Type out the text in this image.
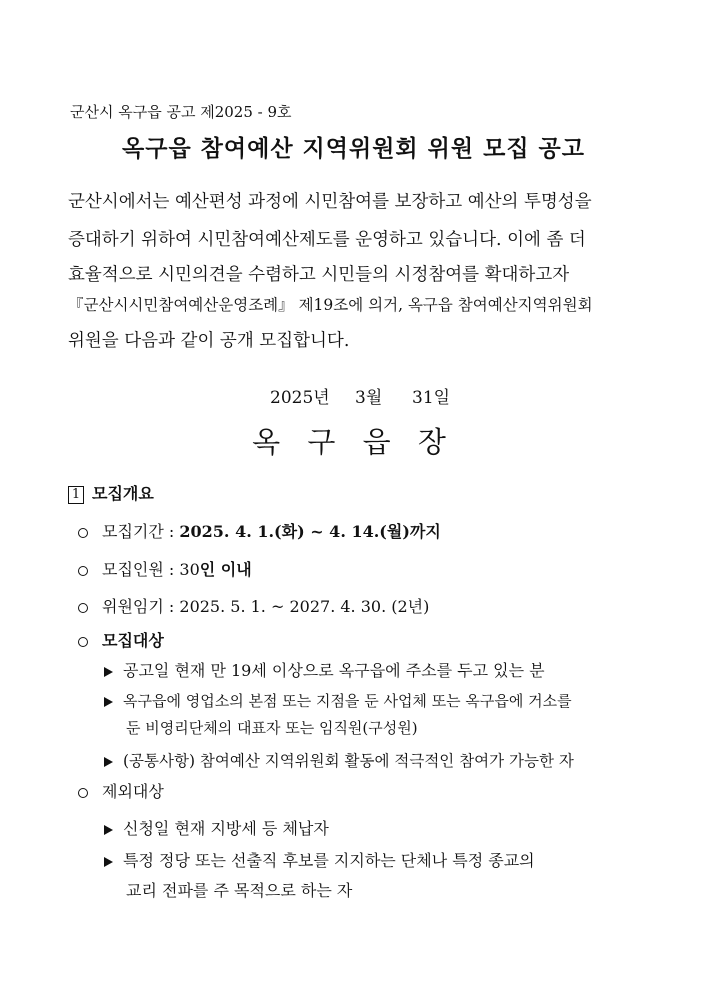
군산시 옥구읍 공고 제2025 - 9호
옥구읍 참여예산 지역위원회 위원 모집 공고
군산시에서는 예산편성 과정에 시민참여를 보장하고 예산의 투명성을
증대하기 위하여 시민참여예산제도를 운영하고 있습니다. 이에 좀 더
효율적으로 시민의견을 수렴하고 시민들의 시정참여를 확대하고자
『군산시시민참여예산운영조례』 제19조에 의거, 옥구읍 참여예산지역위원회
위원을 다음과 같이 공개 모집합니다.
2025년 3월 31일
옥 구 읍 장
1 모집개요
모집기간 : 2025. 4. 1.(화) ~ 4. 14.(월)까지
모집인원 : 30인 이내
위원임기 : 2025. 5. 1. ~ 2027. 4. 30. (2년)
모집대상
공고일 현재 만 19세 이상으로 옥구읍에 주소를 두고 있는 분
옥구읍에 영업소의 본점 또는 지점을 둔 사업체 또는 옥구읍에 거소를
둔 비영리단체의 대표자 또는 임직원(구성원)
(공통사항) 참여예산 지역위원회 활동에 적극적인 참여가 가능한 자
제외대상
신청일 현재 지방세 등 체납자
특정 정당 또는 선출직 후보를 지지하는 단체나 특정 종교의
교리 전파를 주 목적으로 하는 자
